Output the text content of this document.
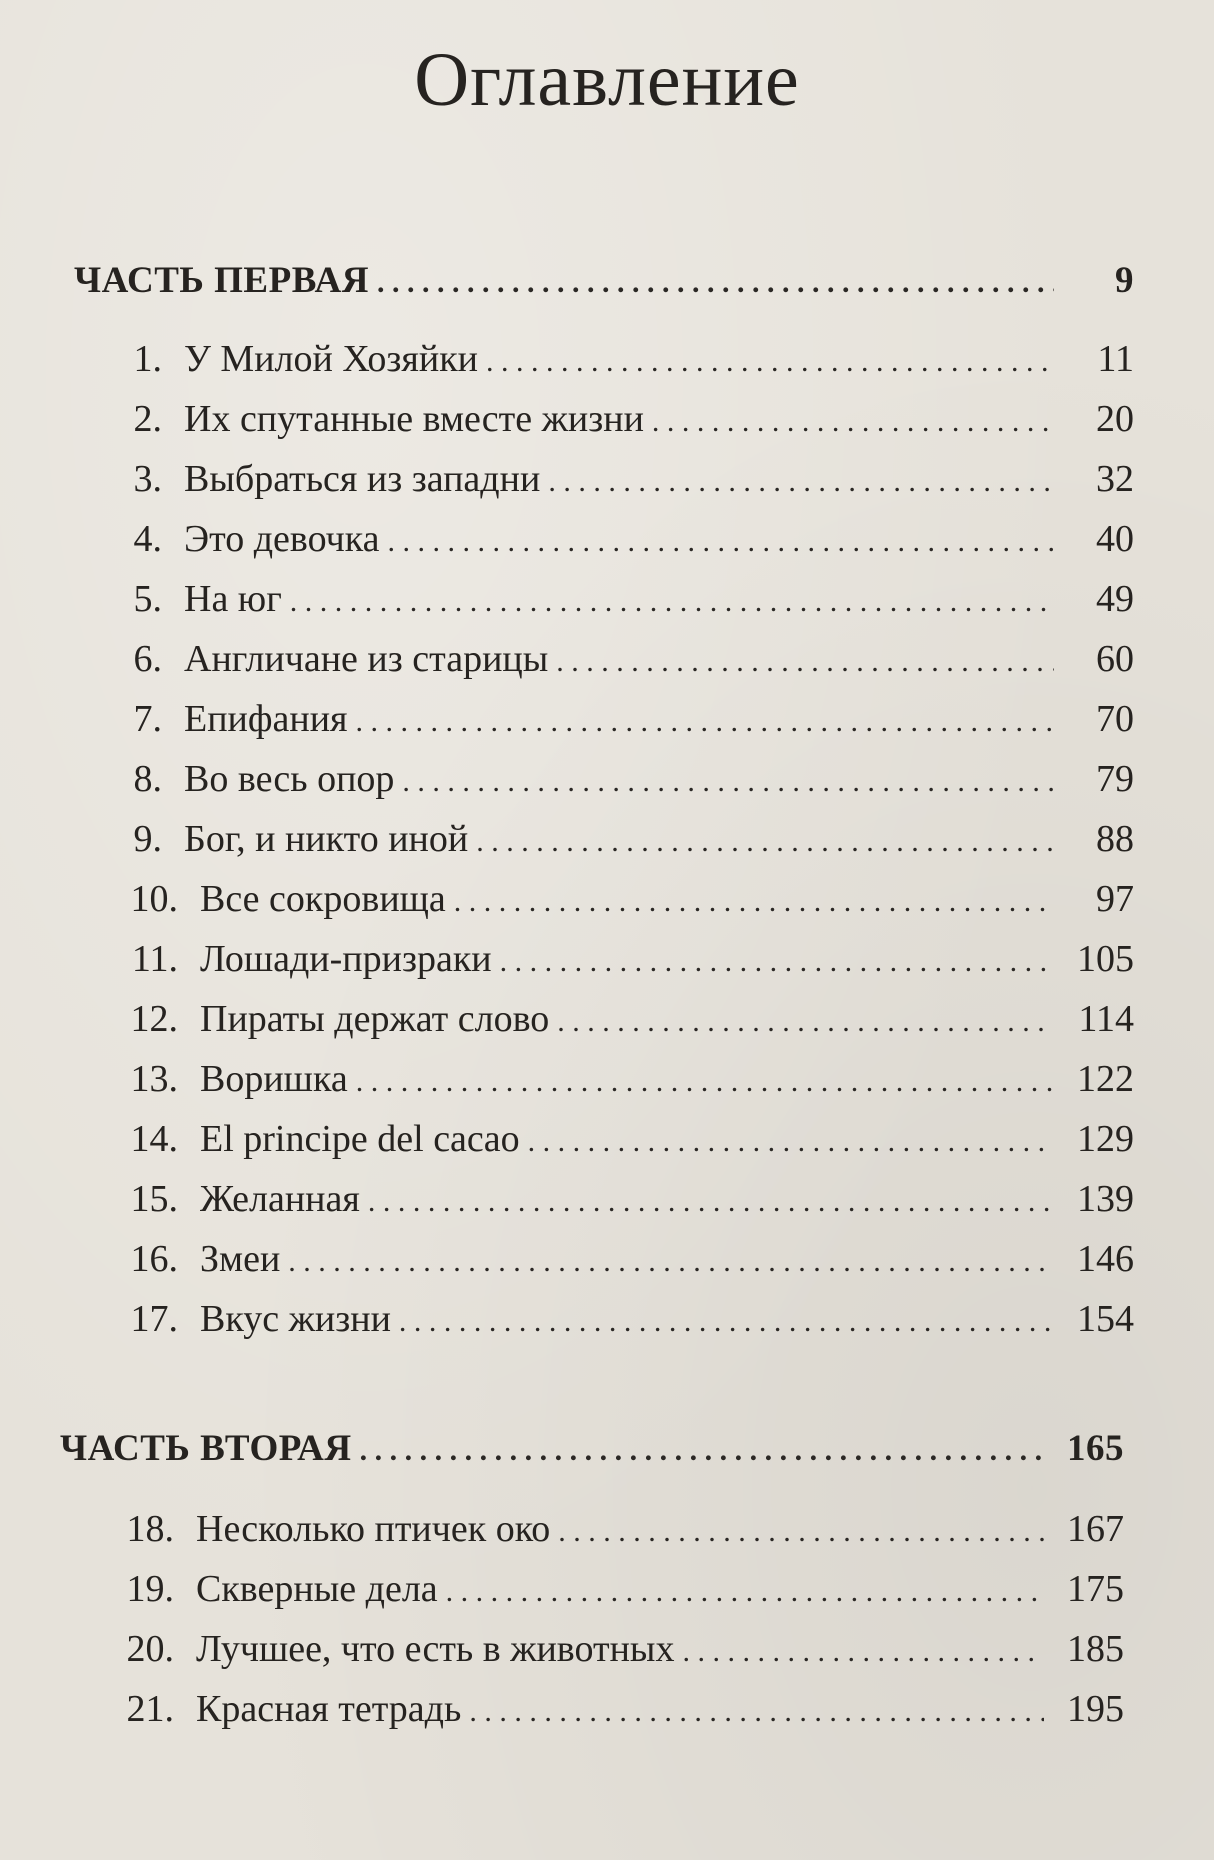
Оглавление
ЧАСТЬ ПЕРВАЯ . . .	9
1. У Милой Хозяйки . . .	11
2. Их спутанные вместе жизни . . .	20
3. Выбраться из западни . . .	32
4. Это девочка . . .	40
5. На юг . . .	49
6. Англичане из старицы . . .	60
7. Епифания . . .	70
8. Во весь опор . . .	79
9. Бог, и никто иной . . .	88
10. Все сокровища . . .	97
11. Лошади-призраки . . .	105
12. Пираты держат слово . . .	114
13. Воришка . . .	122
14. El principe del cacao . . .	129
15. Желанная . . .	139
16. Змеи . . .	146
17. Вкус жизни . . .	154
ЧАСТЬ ВТОРАЯ . . .	165
18. Несколько птичек око . . .	167
19. Скверные дела . . .	175
20. Лучшее, что есть в животных . . .	185
21. Красная тетрадь . . .	195
